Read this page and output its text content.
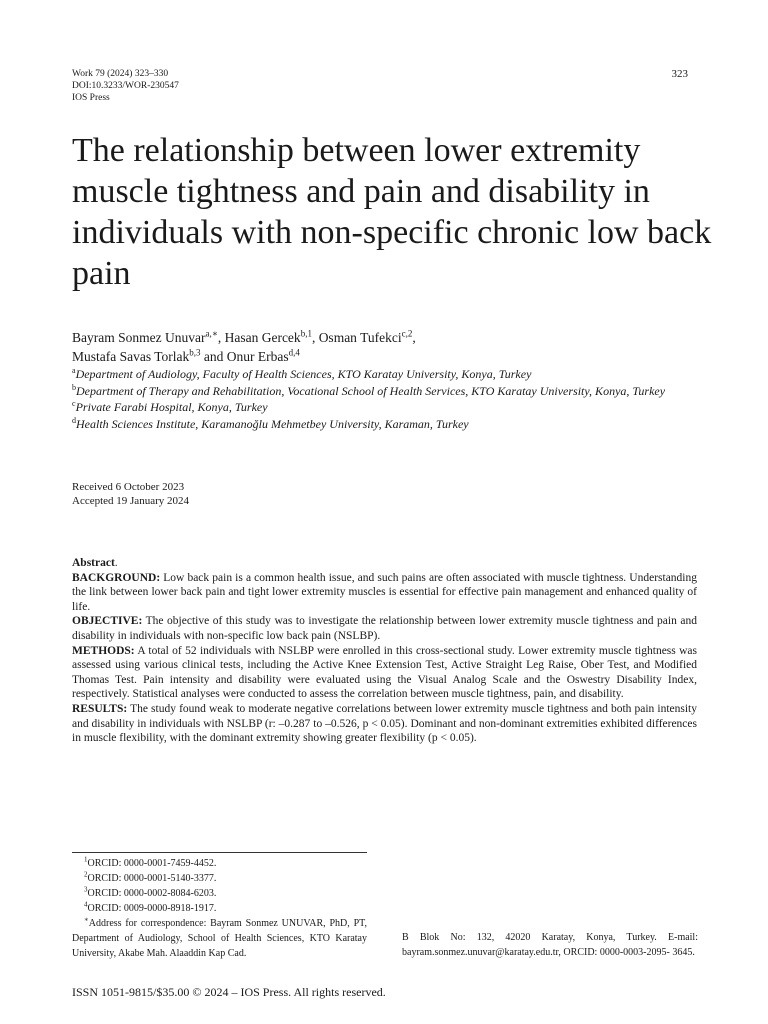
Work 79 (2024) 323–330
DOI:10.3233/WOR-230547
IOS Press
323
The relationship between lower extremity muscle tightness and pain and disability in individuals with non-specific chronic low back pain
Bayram Sonmez Unuvar$^{a,∗}$, Hasan Gercek$^{b,1}$, Osman Tufekci$^{c,2}$,
Mustafa Savas Torlak$^{b,3}$ and Onur Erbas$^{d,4}$
$^a$Department of Audiology, Faculty of Health Sciences, KTO Karatay University, Konya, Turkey
$^b$Department of Therapy and Rehabilitation, Vocational School of Health Services, KTO Karatay University, Konya, Turkey
$^c$Private Farabi Hospital, Konya, Turkey
$^d$Health Sciences Institute, Karamanoğlu Mehmetbey University, Karaman, Turkey
Received 6 October 2023
Accepted 19 January 2024

Abstract.

BACKGROUND: Low back pain is a common health issue, and such pains are often associated with muscle tightness. Understanding the link between lower back pain and tight lower extremity muscles is essential for effective pain management and enhanced quality of life.

OBJECTIVE: The objective of this study was to investigate the relationship between lower extremity muscle tightness and pain and disability in individuals with non-specific low back pain (NSLBP).

METHODS: A total of 52 individuals with NSLBP were enrolled in this cross-sectional study. Lower extremity muscle tightness was assessed using various clinical tests, including the Active Knee Extension Test, Active Straight Leg Raise, Ober Test, and Modified Thomas Test. Pain intensity and disability were evaluated using the Visual Analog Scale and the Oswestry Disability Index, respectively. Statistical analyses were conducted to assess the correlation between muscle tightness, pain, and disability.

RESULTS: The study found weak to moderate negative correlations between lower extremity muscle tightness and both pain intensity and disability in individuals with NSLBP (r: –0.287 to –0.526, p < 0.05). Dominant and non-dominant extremities exhibited differences in muscle flexibility, with the dominant extremity showing greater flexibility (p < 0.05).

$^1$ORCID: 0000-0001-7459-4452.
$^2$ORCID: 0000-0001-5140-3377.
$^3$ORCID: 0000-0002-8084-6203.
$^4$ORCID: 0009-0000-8918-1917.
∗Address for correspondence: Bayram Sonmez UNUVAR, PhD, PT, Department of Audiology, School of Health Sciences, KTO Karatay University, Akabe Mah. Alaaddin Kap Cad.
B Blok No: 132, 42020 Karatay, Konya, Turkey. E-mail: bayram.sonmez.unuvar@karatay.edu.tr, ORCID: 0000-0003-2095- 3645.
ISSN 1051-9815/$35.00 © 2024 – IOS Press. All rights reserved.
